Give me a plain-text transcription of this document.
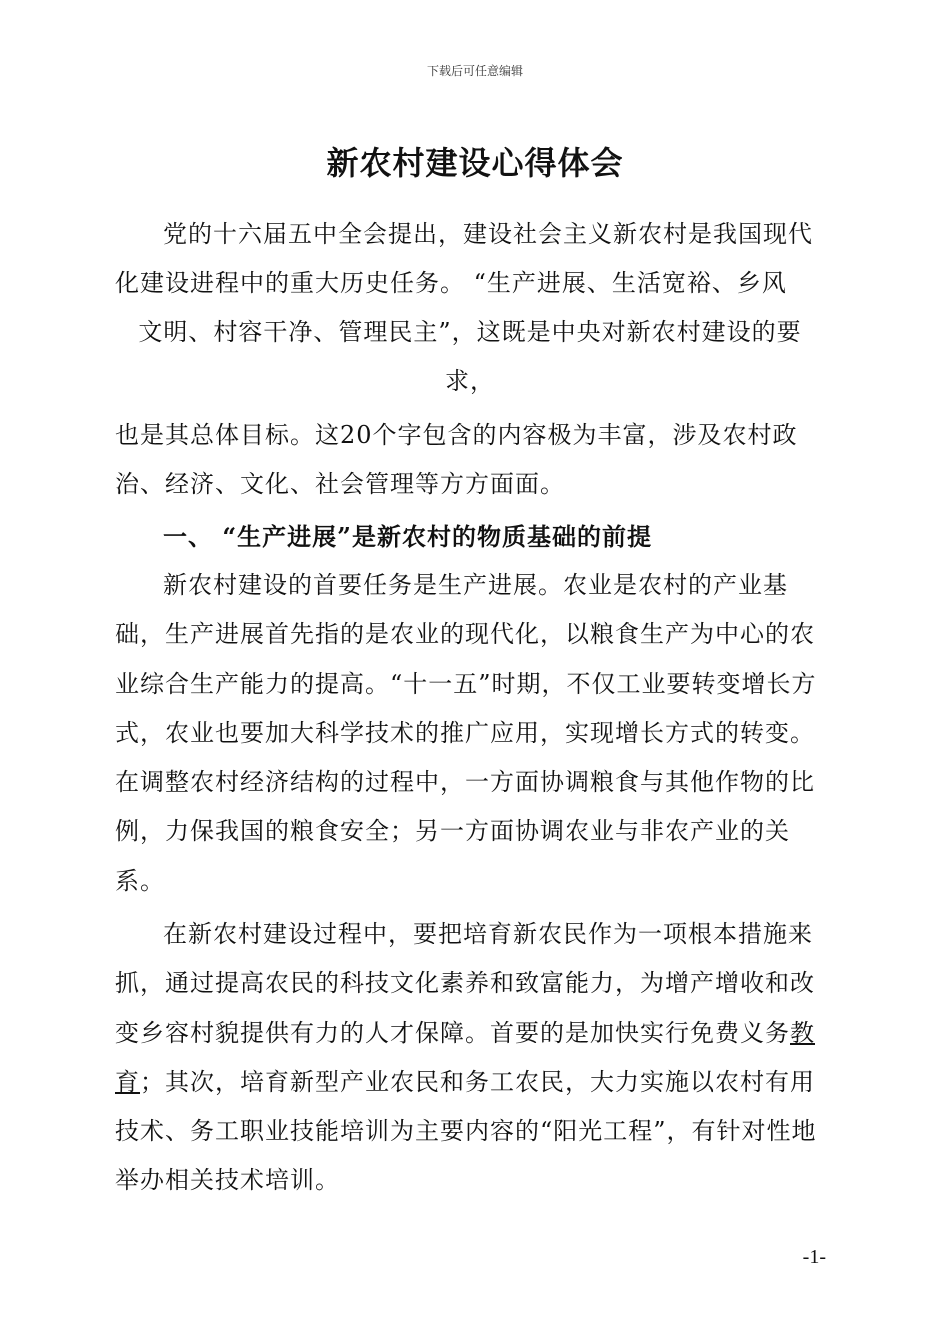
下载后可任意编辑
新农村建设心得体会
党的十六届五中全会提出，建设社会主义新农村是我国现代
化建设进程中的重大历史任务。 “生产进展、生活宽裕、乡风
文明、村容干净、管理民主”，这既是中央对新农村建设的要
求，
也是其总体目标。这20个字包含的内容极为丰富，涉及农村政
治、经济、文化、社会管理等方方面面。
一、 “生产进展”是新农村的物质基础的前提
新农村建设的首要任务是生产进展。农业是农村的产业基础，生产进展首先指的是农业的现代化，以粮食生产为中心的农业综合生产能力的提高。“十一五”时期，不仅工业要转变增长方式，农业也要加大科学技术的推广应用，实现增长方式的转变。在调整农村经济结构的过程中，一方面协调粮食与其他作物的比例，力保我国的粮食安全；另一方面协调农业与非农产业的关系。
在新农村建设过程中，要把培育新农民作为一项根本措施来抓，通过提高农民的科技文化素养和致富能力，为增产增收和改变乡容村貌提供有力的人才保障。首要的是加快实行免费义务教育；其次，培育新型产业农民和务工农民，大力实施以农村有用技术、务工职业技能培训为主要内容的“阳光工程”，有针对性地举办相关技术培训。
-1-
